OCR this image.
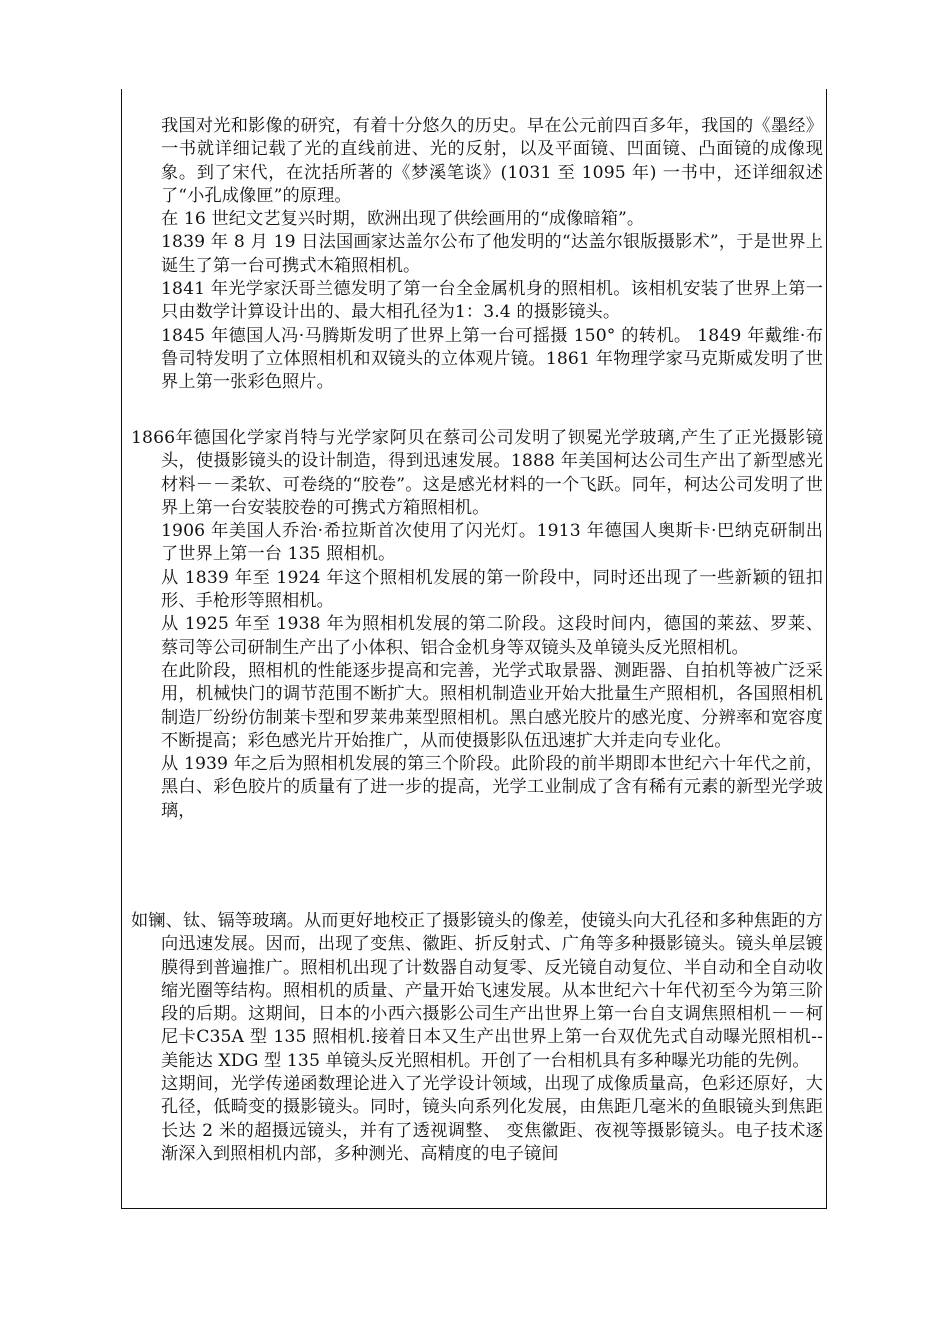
我国对光和影像的研究，有着十分悠久的历史。早在公元前四百多年，我国的《墨经》一书就详细记载了光的直线前进、光的反射，以及平面镜、凹面镜、凸面镜的成像现象。到了宋代，在沈括所著的《梦溪笔谈》(1031 至 1095 年) 一书中，还详细叙述了“小孔成像匣”的原理。

在 16 世纪文艺复兴时期，欧洲出现了供绘画用的“成像暗箱”。

1839 年 8 月 19 日法国画家达盖尔公布了他发明的“达盖尔银版摄影术”，于是世界上诞生了第一台可携式木箱照相机。

1841 年光学家沃哥兰德发明了第一台全金属机身的照相机。该相机安装了世界上第一只由数学计算设计出的、最大相孔径为1：3.4 的摄影镜头。

1845 年德国人冯·马腾斯发明了世界上第一台可摇摄 150° 的转机。 1849 年戴维·布鲁司特发明了立体照相机和双镜头的立体观片镜。1861 年物理学家马克斯威发明了世界上第一张彩色照片。

1866年德国化学家肖特与光学家阿贝在蔡司公司发明了钡冕光学玻璃,产生了正光摄影镜头，使摄影镜头的设计制造，得到迅速发展。1888 年美国柯达公司生产出了新型感光材料－－柔软、可卷绕的“胶卷”。这是感光材料的一个飞跃。同年，柯达公司发明了世界上第一台安装胶卷的可携式方箱照相机。

1906 年美国人乔治·希拉斯首次使用了闪光灯。1913 年德国人奥斯卡·巴纳克研制出了世界上第一台 135 照相机。

从 1839 年至 1924 年这个照相机发展的第一阶段中，同时还出现了一些新颖的钮扣形、手枪形等照相机。

从 1925 年至 1938 年为照相机发展的第二阶段。这段时间内，德国的莱兹、罗莱、蔡司等公司研制生产出了小体积、铝合金机身等双镜头及单镜头反光照相机。

在此阶段，照相机的性能逐步提高和完善，光学式取景器、测距器、自拍机等被广泛采用，机械快门的调节范围不断扩大。照相机制造业开始大批量生产照相机，各国照相机制造厂纷纷仿制莱卡型和罗莱弗莱型照相机。黑白感光胶片的感光度、分辨率和宽容度不断提高；彩色感光片开始推广，从而使摄影队伍迅速扩大并走向专业化。

从 1939 年之后为照相机发展的第三个阶段。此阶段的前半期即本世纪六十年代之前，黑白、彩色胶片的质量有了进一步的提高，光学工业制成了含有稀有元素的新型光学玻璃，

如镧、钛、镉等玻璃。从而更好地校正了摄影镜头的像差，使镜头向大孔径和多种焦距的方向迅速发展。因而，出现了变焦、徽距、折反射式、广角等多种摄影镜头。镜头单层镀膜得到普遍推广。照相机出现了计数器自动复零、反光镜自动复位、半自动和全自动收缩光圈等结构。照相机的质量、产量开始飞速发展。从本世纪六十年代初至今为第三阶段的后期。这期间，日本的小西六摄影公司生产出世界上第一台自支调焦照相机－－柯尼卡C35A 型 135 照相机.接着日本又生产出世界上第一台双优先式自动曝光照相机--美能达 XDG 型 135 单镜头反光照相机。开创了一台相机具有多种曝光功能的先例。

这期间，光学传递函数理论进入了光学设计领域，出现了成像质量高，色彩还原好，大孔径，低畸变的摄影镜头。同时，镜头向系列化发展，由焦距几毫米的鱼眼镜头到焦距长达 2 米的超摄远镜头，并有了透视调整、 变焦徽距、夜视等摄影镜头。电子技术逐渐深入到照相机内部，多种测光、高精度的电子镜间
